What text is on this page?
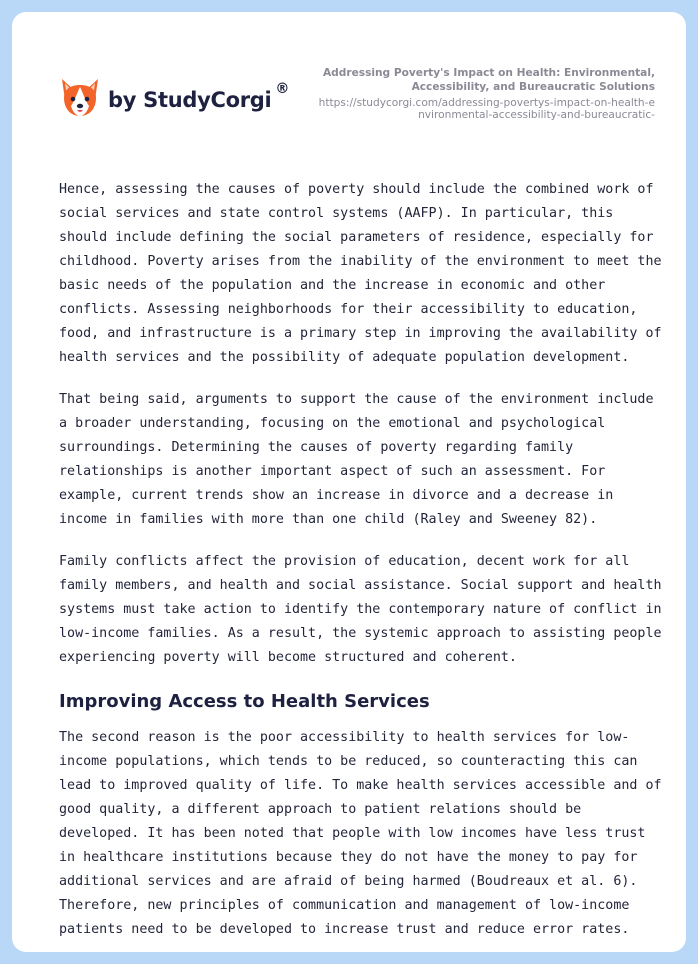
by StudyCorgi ®
Addressing Poverty's Impact on Health: Environmental, Accessibility, and Bureaucratic Solutions
https://studycorgi.com/addressing-povertys-impact-on-health-environmental-accessibility-and-bureaucratic-

Hence, assessing the causes of poverty should include the combined work of social services and state control systems (AAFP). In particular, this should include defining the social parameters of residence, especially for childhood. Poverty arises from the inability of the environment to meet the basic needs of the population and the increase in economic and other conflicts. Assessing neighborhoods for their accessibility to education, food, and infrastructure is a primary step in improving the availability of health services and the possibility of adequate population development.

That being said, arguments to support the cause of the environment include a broader understanding, focusing on the emotional and psychological surroundings. Determining the causes of poverty regarding family relationships is another important aspect of such an assessment. For example, current trends show an increase in divorce and a decrease in income in families with more than one child (Raley and Sweeney 82).

Family conflicts affect the provision of education, decent work for all family members, and health and social assistance. Social support and health systems must take action to identify the contemporary nature of conflict in low-income families. As a result, the systemic approach to assisting people experiencing poverty will become structured and coherent.

Improving Access to Health Services

The second reason is the poor accessibility to health services for low-income populations, which tends to be reduced, so counteracting this can lead to improved quality of life. To make health services accessible and of good quality, a different approach to patient relations should be developed. It has been noted that people with low incomes have less trust in healthcare institutions because they do not have the money to pay for additional services and are afraid of being harmed (Boudreaux et al. 6). Therefore, new principles of communication and management of low-income patients need to be developed to increase trust and reduce error rates.
